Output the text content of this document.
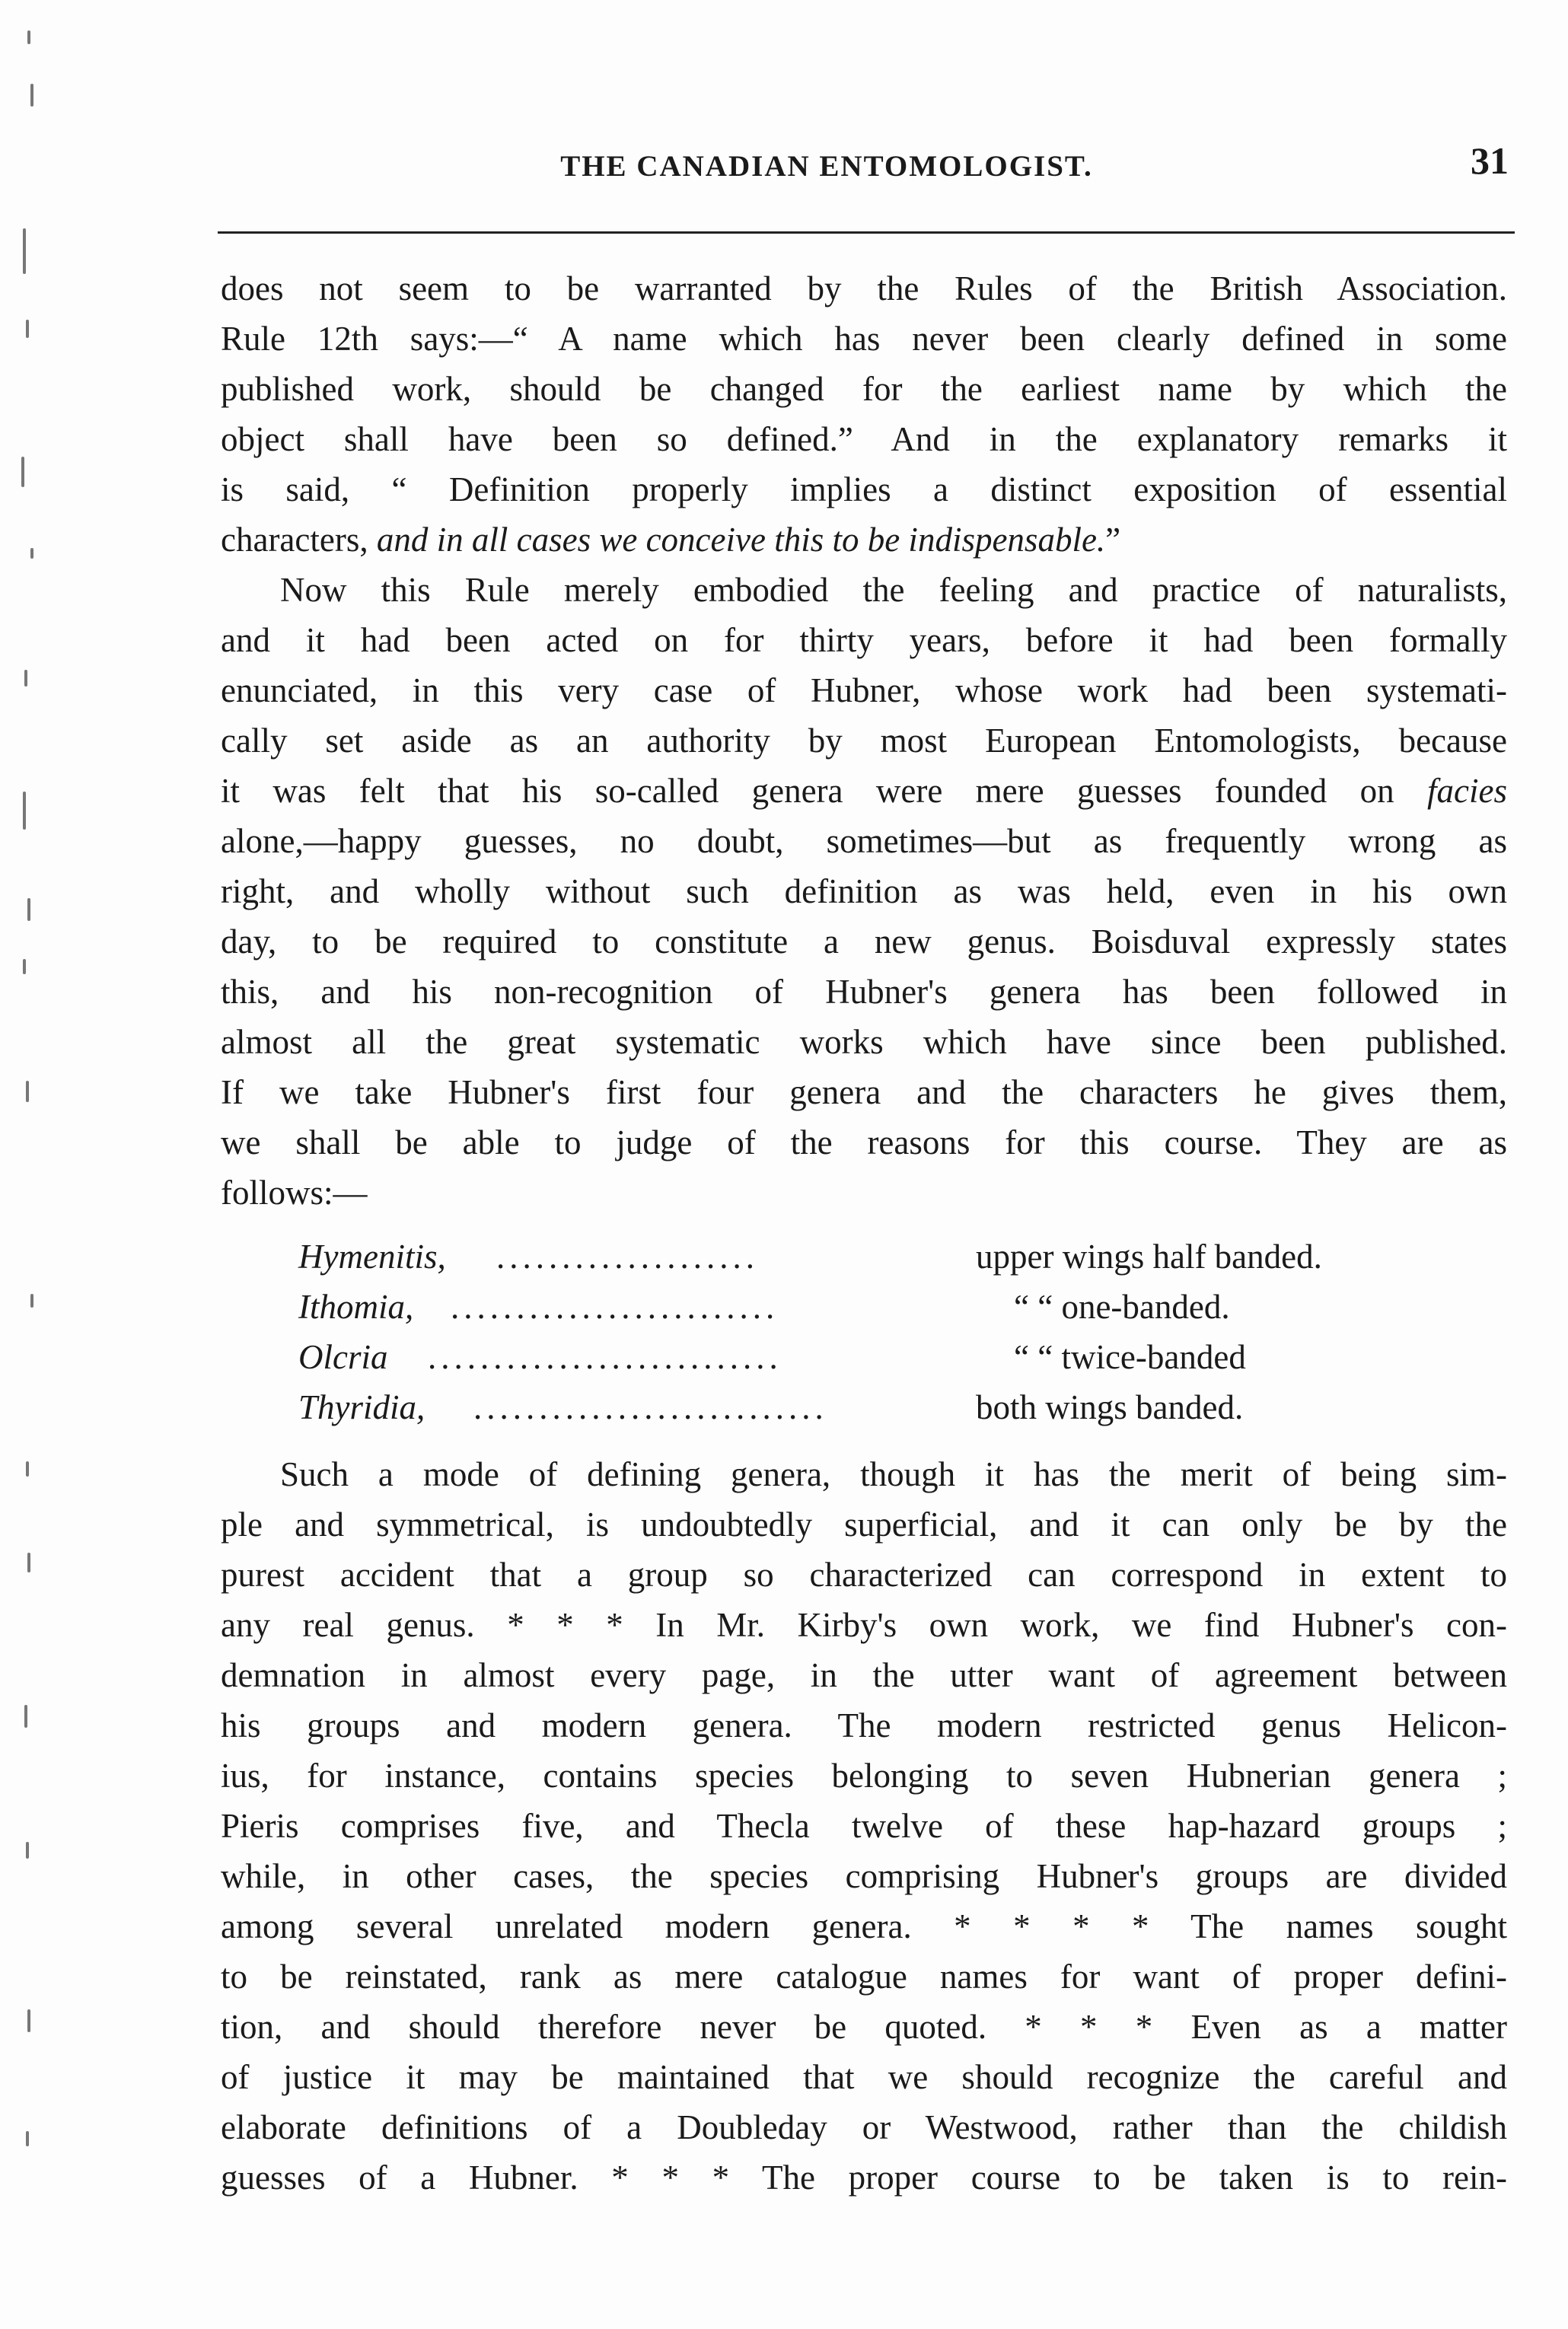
THE CANADIAN ENTOMOLOGIST.	31
does not seem to be warranted by the Rules of the British Association.
Rule 12th says:—“ A name which has never been clearly defined in some
published work, should be changed for the earliest name by which the
object shall have been so defined.” And in the explanatory remarks it
is said, “ Definition properly implies a distinct exposition of essential
characters, and in all cases we conceive this to be indispensable.”
Now this Rule merely embodied the feeling and practice of naturalists,
and it had been acted on for thirty years, before it had been formally
enunciated, in this very case of Hubner, whose work had been systemati-
cally set aside as an authority by most European Entomologists, because
it was felt that his so-called genera were mere guesses founded on facies
alone,—happy guesses, no doubt, sometimes—but as frequently wrong as
right, and wholly without such definition as was held, even in his own
day, to be required to constitute a new genus. Boisduval expressly states
this, and his non-recognition of Hubner's genera has been followed in
almost all the great systematic works which have since been published.
If we take Hubner's first four genera and the characters he gives them,
we shall be able to judge of the reasons for this course. They are as
follows:—
Hymenitis, ....................	upper wings half banded.
Ithomia, .........................	“ “ one-banded.
Olcria ...........................	“ “ twice-banded
Thyridia, ...........................	both wings banded.
Such a mode of defining genera, though it has the merit of being sim-
ple and symmetrical, is undoubtedly superficial, and it can only be by the
purest accident that a group so characterized can correspond in extent to
any real genus. * * * In Mr. Kirby's own work, we find Hubner's con-
demnation in almost every page, in the utter want of agreement between
his groups and modern genera. The modern restricted genus Helicon-
ius, for instance, contains species belonging to seven Hubnerian genera ;
Pieris comprises five, and Thecla twelve of these hap-hazard groups ;
while, in other cases, the species comprising Hubner's groups are divided
among several unrelated modern genera. * * * * The names sought
to be reinstated, rank as mere catalogue names for want of proper defini-
tion, and should therefore never be quoted. * * * Even as a matter
of justice it may be maintained that we should recognize the careful and
elaborate definitions of a Doubleday or Westwood, rather than the childish
guesses of a Hubner. * * * The proper course to be taken is to rein-
